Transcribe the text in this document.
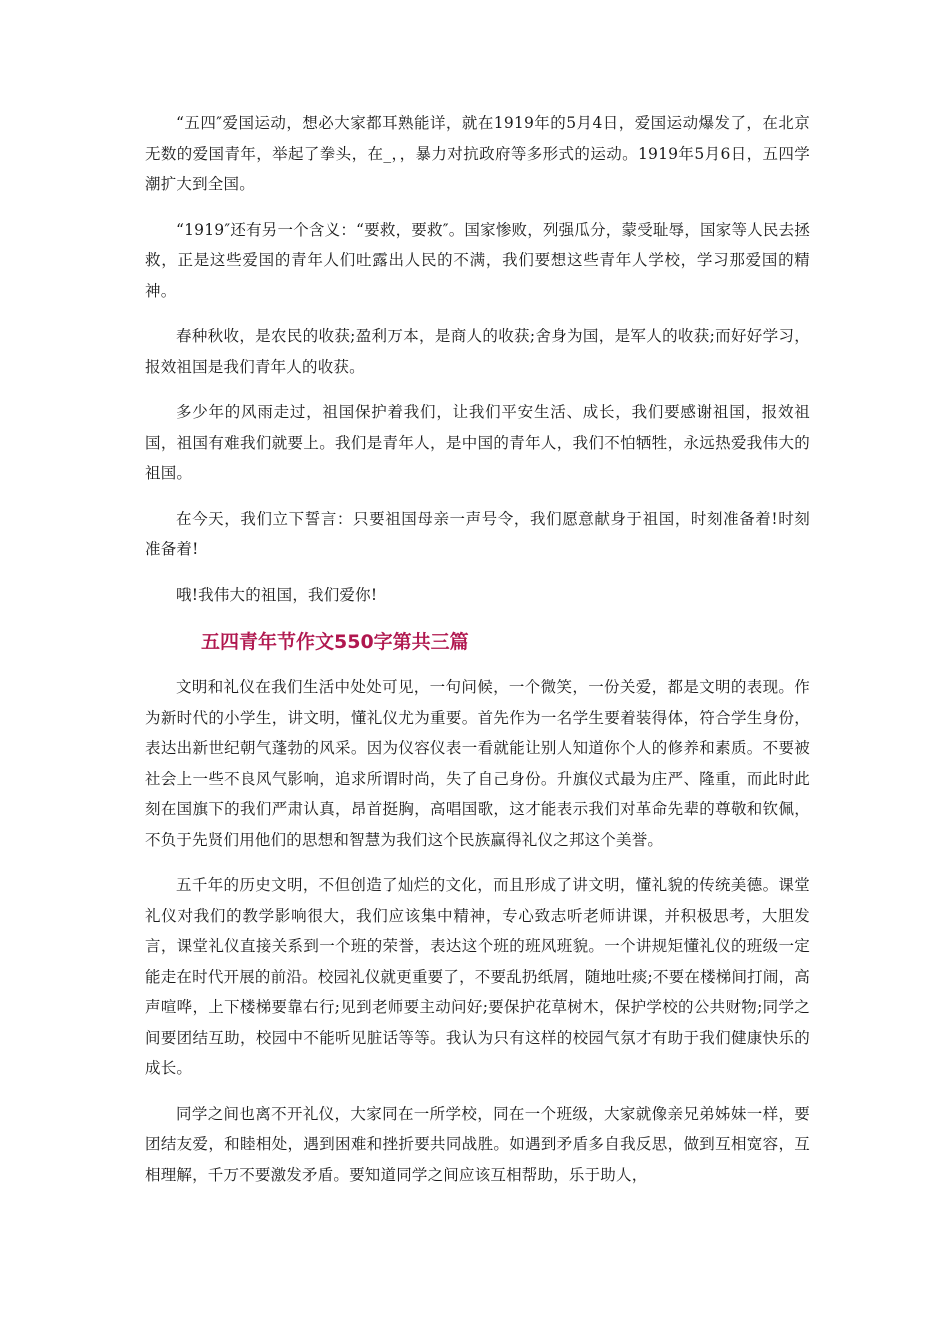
“五四″爱国运动，想必大家都耳熟能详，就在1919年的5月4日，爱国运动爆发了，在北京无数的爱国青年，举起了拳头，在_，，暴力对抗政府等多形式的运动。1919年5月6日，五四学潮扩大到全国。

“1919″还有另一个含义：“要救，要救″。国家惨败，列强瓜分，蒙受耻辱，国家等人民去拯救，正是这些爱国的青年人们吐露出人民的不满，我们要想这些青年人学校，学习那爱国的精神。

春种秋收，是农民的收获;盈利万本，是商人的收获;舍身为国，是军人的收获;而好好学习，报效祖国是我们青年人的收获。

多少年的风雨走过，祖国保护着我们，让我们平安生活、成长，我们要感谢祖国，报效祖国，祖国有难我们就要上。我们是青年人，是中国的青年人，我们不怕牺牲，永远热爱我伟大的祖国。

在今天，我们立下誓言：只要祖国母亲一声号令，我们愿意献身于祖国，时刻准备着!时刻准备着!

哦!我伟大的祖国，我们爱你!

五四青年节作文550字第共三篇

文明和礼仪在我们生活中处处可见，一句问候，一个微笑，一份关爱，都是文明的表现。作为新时代的小学生，讲文明，懂礼仪尤为重要。首先作为一名学生要着装得体，符合学生身份，表达出新世纪朝气蓬勃的风采。因为仪容仪表一看就能让别人知道你个人的修养和素质。不要被社会上一些不良风气影响，追求所谓时尚，失了自己身份。升旗仪式最为庄严、隆重，而此时此刻在国旗下的我们严肃认真，昂首挺胸，高唱国歌，这才能表示我们对革命先辈的尊敬和钦佩，不负于先贤们用他们的思想和智慧为我们这个民族赢得礼仪之邦这个美誉。

五千年的历史文明，不但创造了灿烂的文化，而且形成了讲文明，懂礼貌的传统美德。课堂礼仪对我们的教学影响很大，我们应该集中精神，专心致志听老师讲课，并积极思考，大胆发言，课堂礼仪直接关系到一个班的荣誉，表达这个班的班风班貌。一个讲规矩懂礼仪的班级一定能走在时代开展的前沿。校园礼仪就更重要了，不要乱扔纸屑，随地吐痰;不要在楼梯间打闹，高声喧哗，上下楼梯要靠右行;见到老师要主动问好;要保护花草树木，保护学校的公共财物;同学之间要团结互助，校园中不能听见脏话等等。我认为只有这样的校园气氛才有助于我们健康快乐的成长。

同学之间也离不开礼仪，大家同在一所学校，同在一个班级，大家就像亲兄弟姊妹一样，要团结友爱，和睦相处，遇到困难和挫折要共同战胜。如遇到矛盾多自我反思，做到互相宽容，互相理解，千万不要激发矛盾。要知道同学之间应该互相帮助，乐于助人，
